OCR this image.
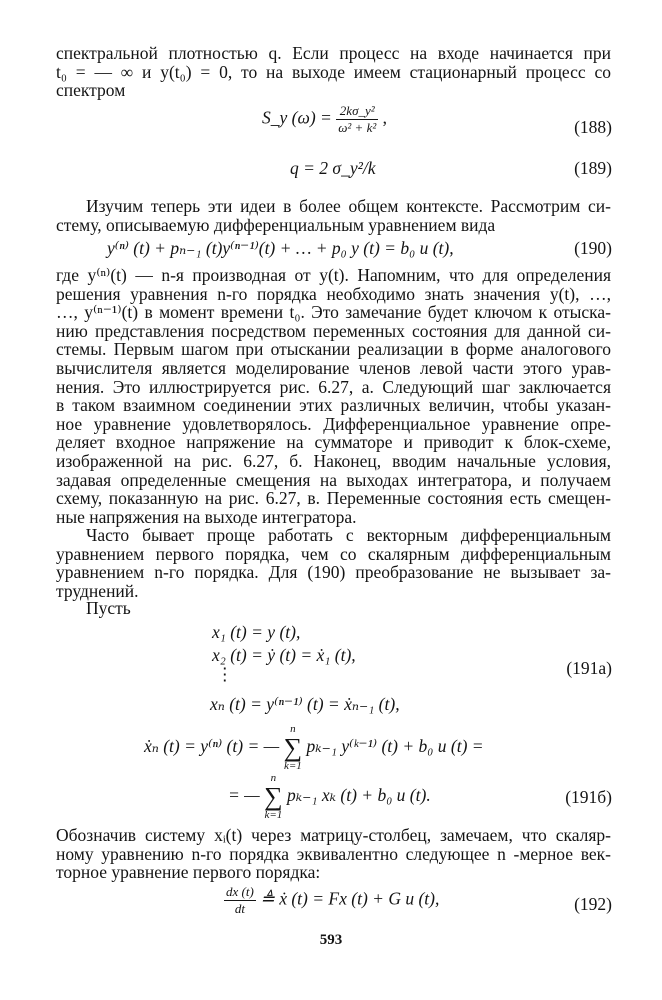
спектральной плотностью q. Если процесс на входе начинается при
t₀ = — ∞ и y(t₀) = 0, то на выходе имеем стационарный процесс со
спектром
S_y $(\omega) = \frac{\text{2kσ\_y²}}{\text{ω² + k²}}$ ,	(188)
q = 2 σ_y²/k	(189)
Изучим теперь эти идеи в более общем контексте. Рассмотрим си-
стему, описываемую дифференциальным уравнением вида
y⁽ⁿ⁾ (t) + pₙ₋₁ (t)y⁽ⁿ⁻¹⁾(t) + … + p₀ y (t) = b₀ u (t),	(190)
где y⁽ⁿ⁾(t) — n-я производная от y(t). Напомним, что для определения
решения уравнения n-го порядка необходимо знать значения y(t), …,
…, y⁽ⁿ⁻¹⁾(t) в момент времени t₀. Это замечание будет ключом к отыска-
нию представления посредством переменных состояния для данной си-
стемы. Первым шагом при отыскании реализации в форме аналогового
вычислителя является моделирование членов левой части этого урав-
нения. Это иллюстрируется рис. 6.27, а. Следующий шаг заключается
в таком взаимном соединении этих различных величин, чтобы указан-
ное уравнение удовлетворялось. Дифференциальное уравнение опре-
деляет входное напряжение на сумматоре и приводит к блок-схеме,
изображенной на рис. 6.27, б. Наконец, вводим начальные условия,
задавая определенные смещения на выходах интегратора, и получаем
схему, показанную на рис. 6.27, в. Переменные состояния есть смещен-
ные напряжения на выходе интегратора.
Часто бывает проще работать с векторным дифференциальным
уравнением первого порядка, чем со скалярным дифференциальным
уравнением n-го порядка. Для (190) преобразование не вызывает за-
труднений.
Пусть
x₁ (t) = y (t),
x₂ (t) = ẏ (t) = ẋ₁ (t),
⋮	(191a)
xₙ (t) = y⁽ⁿ⁻¹⁾ (t) = ẋₙ₋₁ (t),
ẋₙ (t) = y⁽ⁿ⁾ (t) = —
n
∑
k=1
pₖ₋₁ y⁽ᵏ⁻¹⁾ (t) + b₀ u (t) =
= —
n
∑
k=1
pₖ₋₁ xₖ (t) + b₀ u (t).	(191б)
Обозначив систему xᵢ(t) через матрицу-столбец, замечаем, что скаляр-
ному уравнению n-го порядка эквивалентно следующее n -мерное век-
торное уравнение первого порядка:
$\frac{dx (t)}{dt}$ ≜ ẋ (t) = Fx (t) + G u (t),	(192)
593
